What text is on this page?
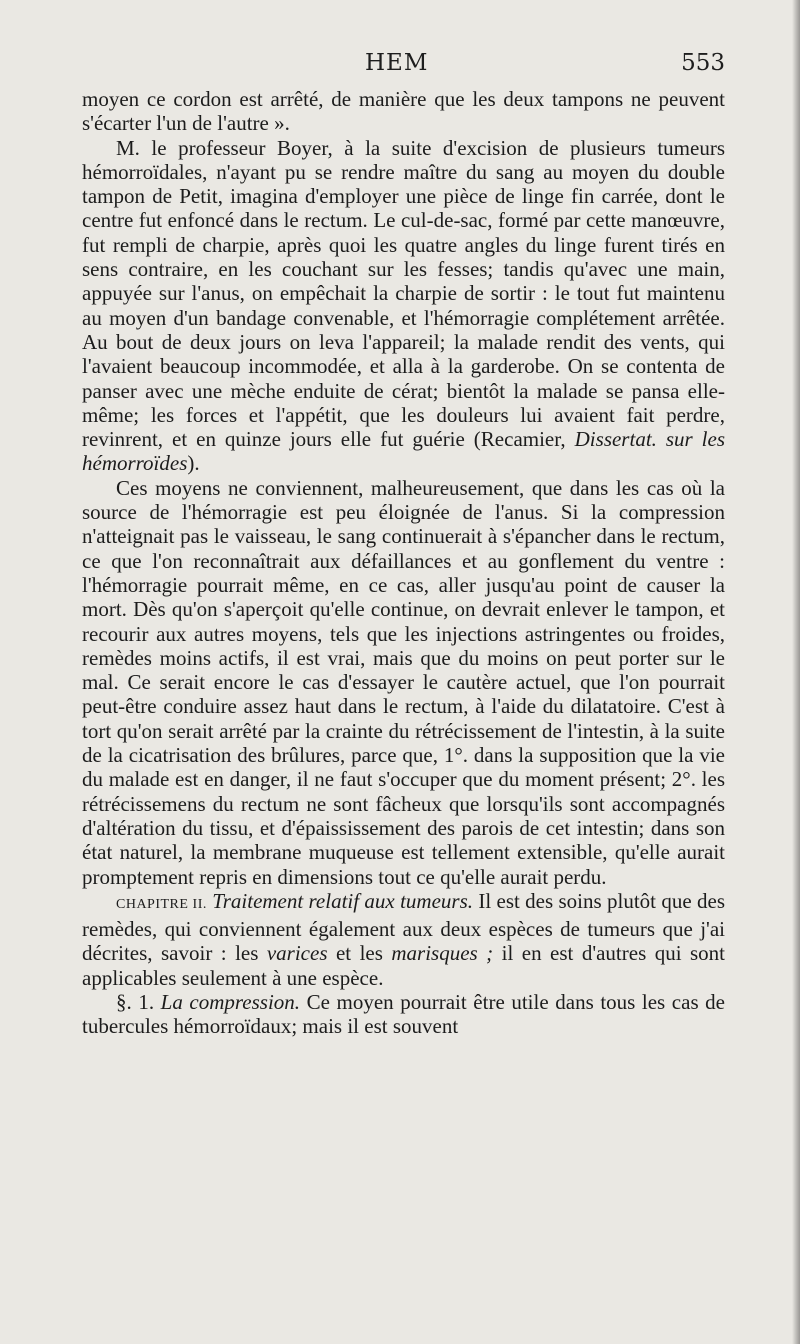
HEM	553

moyen ce cordon est arrêté, de manière que les deux tampons ne peuvent s'écarter l'un de l'autre ».

M. le professeur Boyer, à la suite d'excision de plusieurs tumeurs hémorroïdales, n'ayant pu se rendre maître du sang au moyen du double tampon de Petit, imagina d'employer une pièce de linge fin carrée, dont le centre fut enfoncé dans le rectum. Le cul-de-sac, formé par cette manœuvre, fut rempli de charpie, après quoi les quatre angles du linge furent tirés en sens contraire, en les couchant sur les fesses; tandis qu'avec une main, appuyée sur l'anus, on empêchait la charpie de sortir : le tout fut maintenu au moyen d'un bandage convenable, et l'hémorragie complétement arrêtée. Au bout de deux jours on leva l'appareil; la malade rendit des vents, qui l'avaient beaucoup incommodée, et alla à la garderobe. On se contenta de panser avec une mèche enduite de cérat; bientôt la malade se pansa elle-même; les forces et l'appétit, que les douleurs lui avaient fait perdre, revinrent, et en quinze jours elle fut guérie (Recamier, Dissertat. sur les hémorroïdes).

Ces moyens ne conviennent, malheureusement, que dans les cas où la source de l'hémorragie est peu éloignée de l'anus. Si la compression n'atteignait pas le vaisseau, le sang continuerait à s'épancher dans le rectum, ce que l'on reconnaîtrait aux défaillances et au gonflement du ventre : l'hémorragie pourrait même, en ce cas, aller jusqu'au point de causer la mort. Dès qu'on s'aperçoit qu'elle continue, on devrait enlever le tampon, et recourir aux autres moyens, tels que les injections astringentes ou froides, remèdes moins actifs, il est vrai, mais que du moins on peut porter sur le mal. Ce serait encore le cas d'essayer le cautère actuel, que l'on pourrait peut-être conduire assez haut dans le rectum, à l'aide du dilatatoire. C'est à tort qu'on serait arrêté par la crainte du rétrécissement de l'intestin, à la suite de la cicatrisation des brûlures, parce que, 1°. dans la supposition que la vie du malade est en danger, il ne faut s'occuper que du moment présent; 2°. les rétrécissemens du rectum ne sont fâcheux que lorsqu'ils sont accompagnés d'altération du tissu, et d'épaississement des parois de cet intestin; dans son état naturel, la membrane muqueuse est tellement extensible, qu'elle aurait promptement repris en dimensions tout ce qu'elle aurait perdu.

CHAPITRE II. Traitement relatif aux tumeurs. Il est des soins plutôt que des remèdes, qui conviennent également aux deux espèces de tumeurs que j'ai décrites, savoir : les varices et les marisques ; il en est d'autres qui sont applicables seulement à une espèce.

§. 1. La compression. Ce moyen pourrait être utile dans tous les cas de tubercules hémorroïdaux; mais il est souvent
